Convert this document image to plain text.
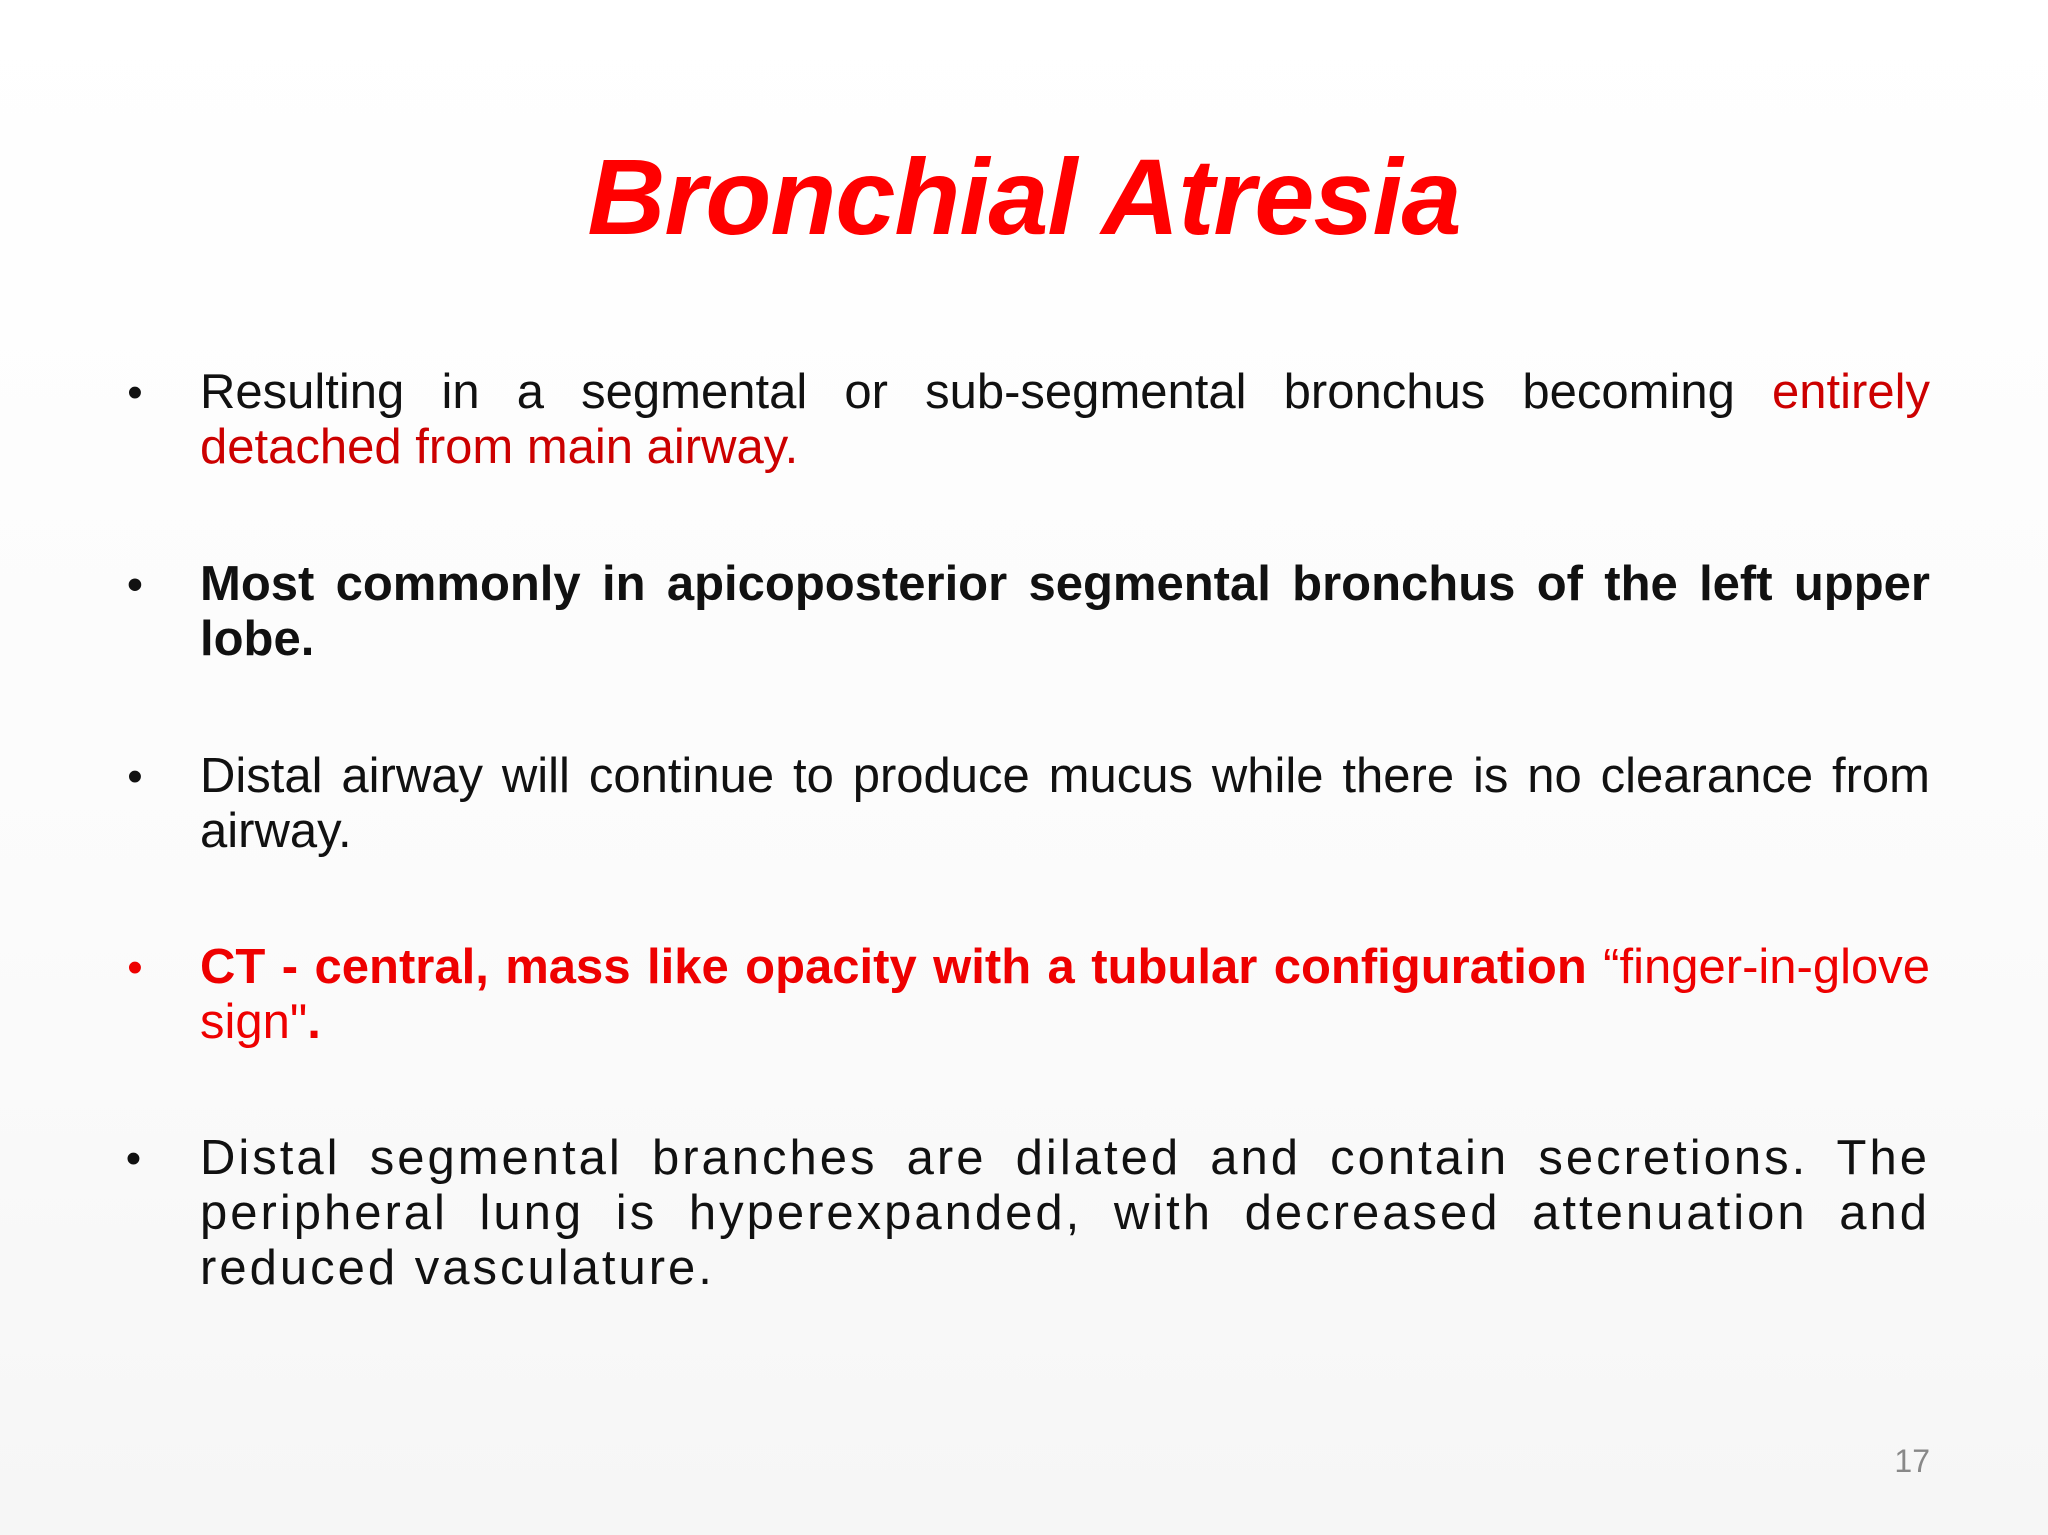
Bronchial Atresia
• Resulting in a segmental or sub-segmental bronchus becoming entirely detached from main airway.
• Most commonly in apicoposterior segmental bronchus of the left upper lobe.
• Distal airway will continue to produce mucus while there is no clearance from airway.
• CT - central, mass like opacity with a tubular configuration “finger-in-glove sign".
• Distal segmental branches are dilated and contain secretions. The peripheral lung is hyperexpanded, with decreased attenuation and reduced vasculature.
17
